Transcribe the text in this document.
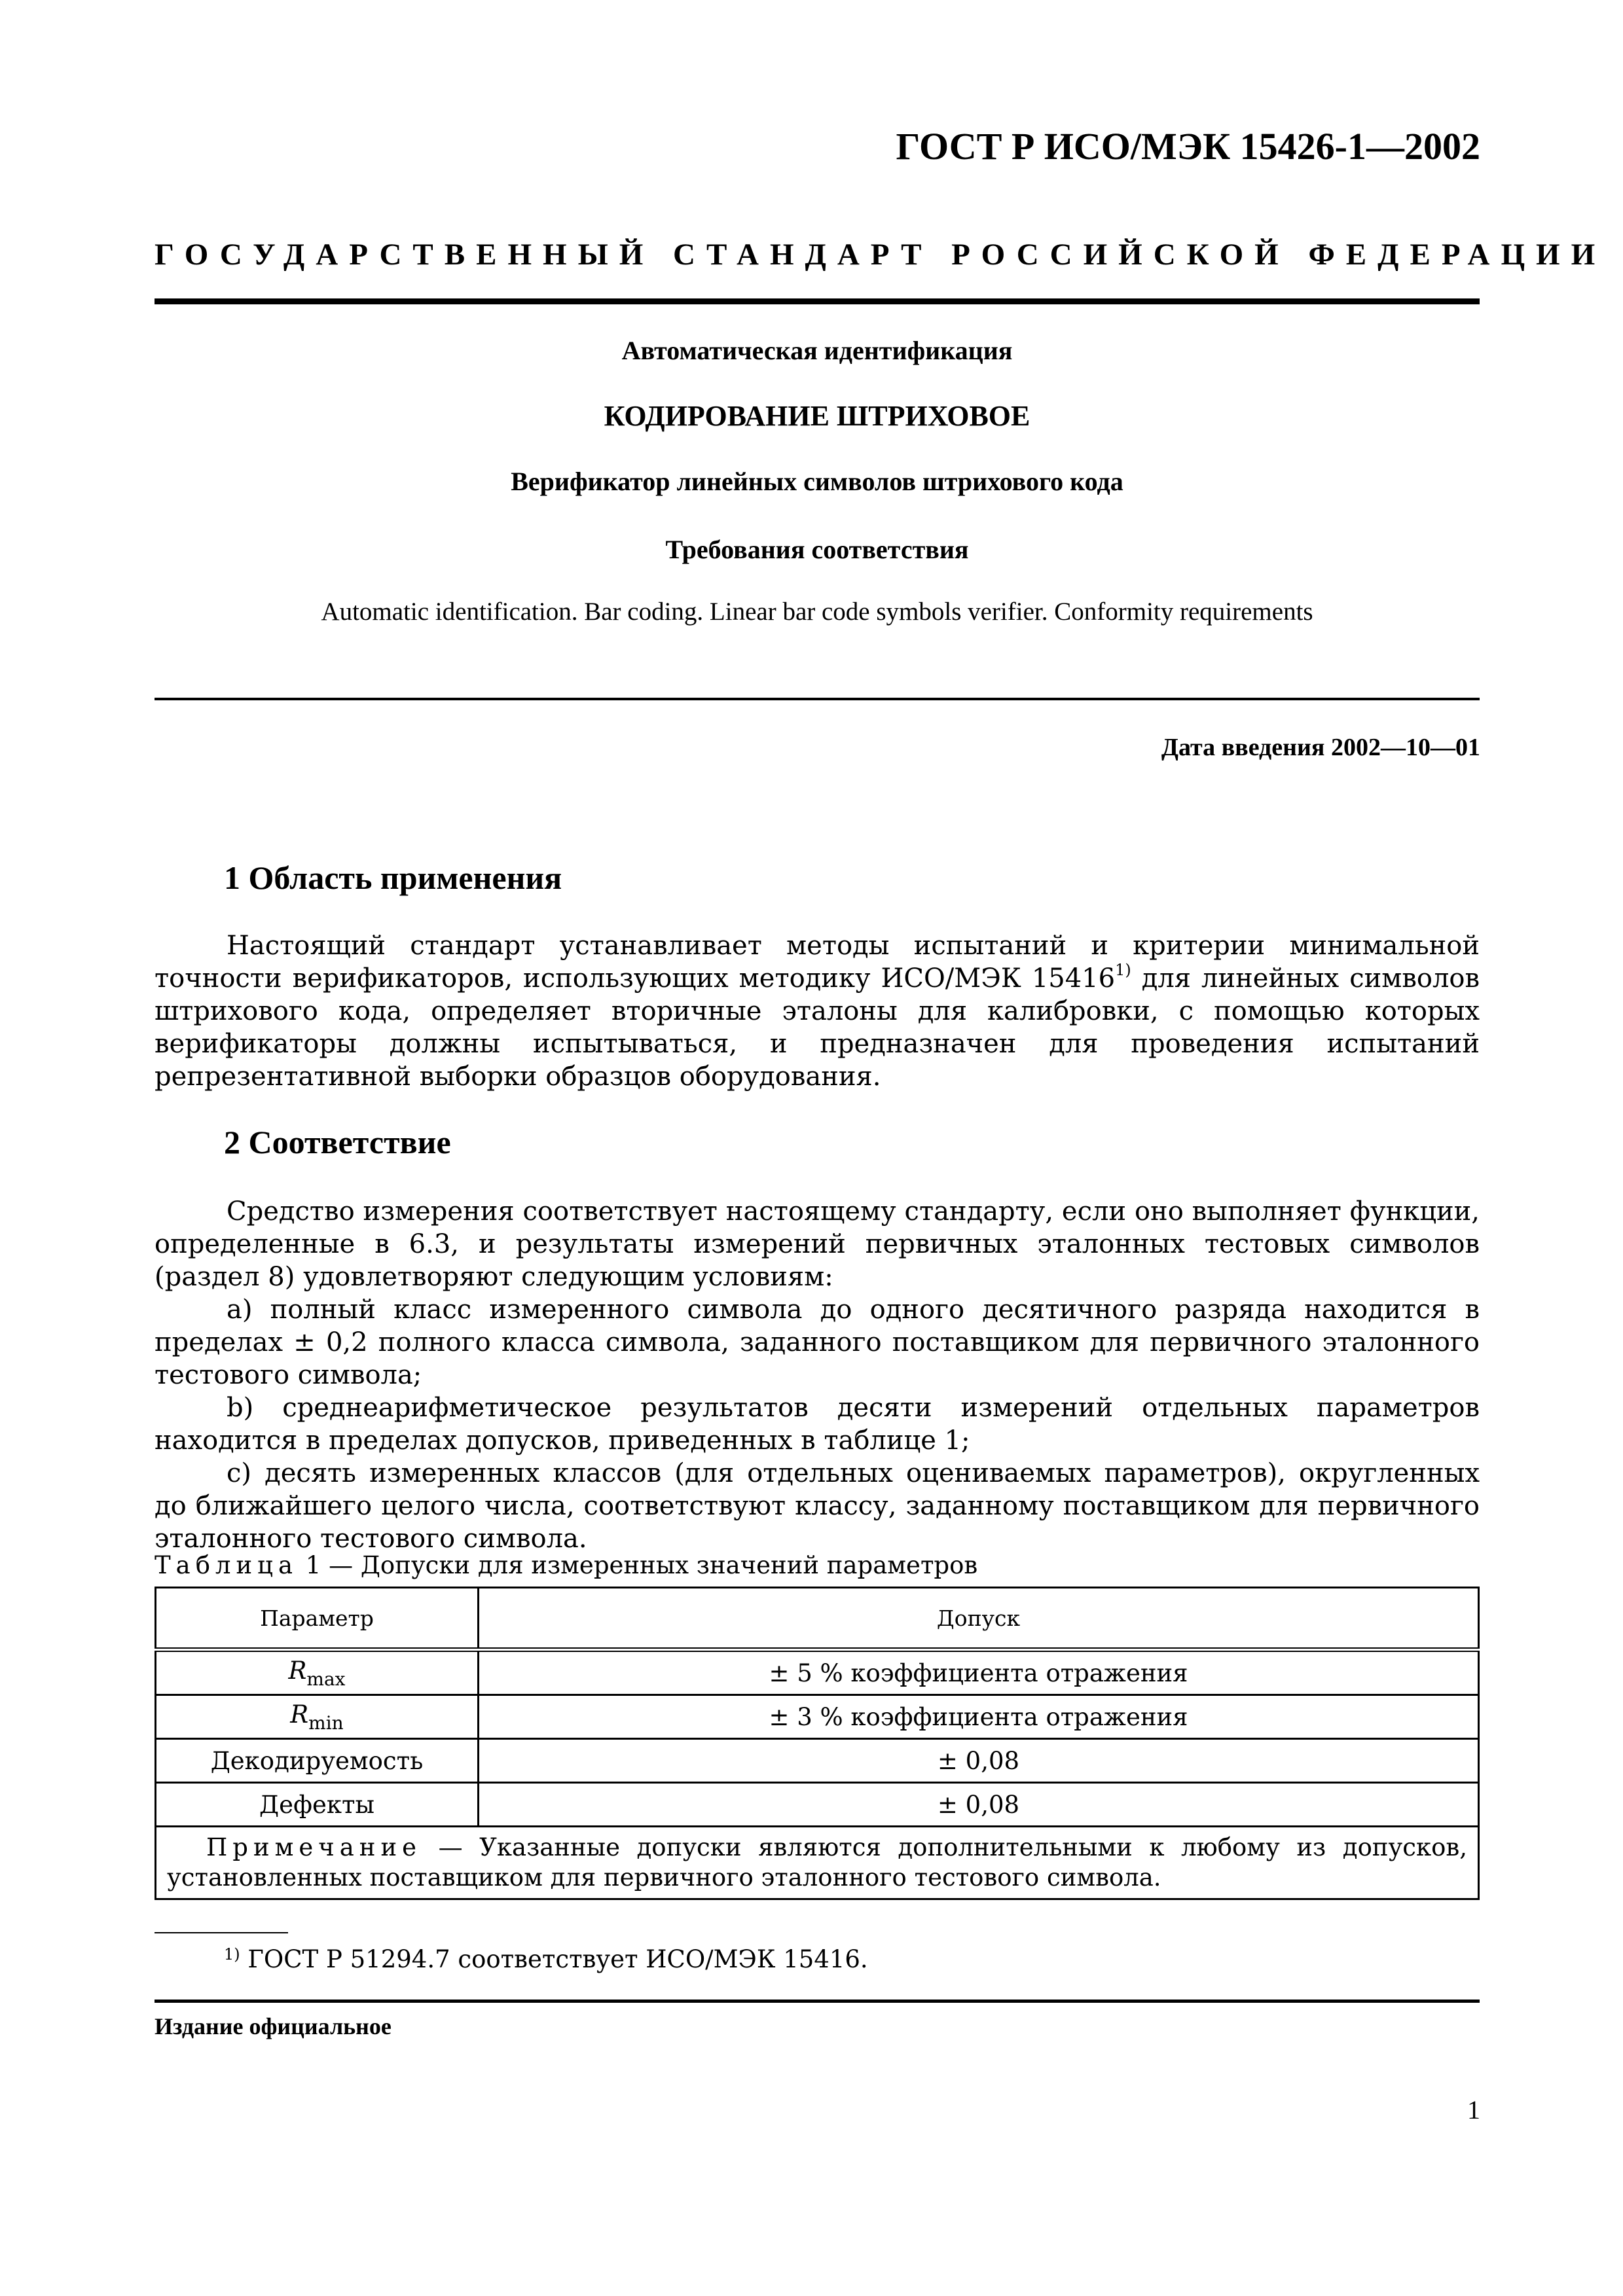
ГОСТ Р ИСО/МЭК 15426-1—2002
ГОСУДАРСТВЕННЫЙ СТАНДАРТ РОССИЙСКОЙ ФЕДЕРАЦИИ
Автоматическая идентификация
КОДИРОВАНИЕ ШТРИХОВОЕ
Верификатор линейных символов штрихового кода
Требования соответствия
Automatic identification. Bar coding. Linear bar code symbols verifier. Conformity requirements
Дата введения 2002—10—01
1 Область применения

Настоящий стандарт устанавливает методы испытаний и критерии минимальной точности верификаторов, использующих методику ИСО/МЭК 15416$^{1)}$ для линейных символов штрихового кода, определяет вторичные эталоны для калибровки, с помощью которых верификаторы должны испытываться, и предназначен для проведения испытаний репрезентативной выборки образцов оборудования.

2 Соответствие

Средство измерения соответствует настоящему стандарту, если оно выполняет функции, определенные в 6.3, и результаты измерений первичных эталонных тестовых символов (раздел 8) удовлетворяют следующим условиям:

а) полный класс измеренного символа до одного десятичного разряда находится в пределах ± 0,2 полного класса символа, заданного поставщиком для первичного эталонного тестового символа;

b) среднеарифметическое результатов десяти измерений отдельных параметров находится в пределах допусков, приведенных в таблице 1;

c) десять измеренных классов (для отдельных оцениваемых параметров), округленных до ближайшего целого числа, соответствуют классу, заданному поставщиком для первичного эталонного тестового символа.

Таблица 1 — Допуски для измеренных значений параметров
Параметр	Допуск
$R_{max}$	± 5 % коэффициента отражения
$R_{min}$	± 3 % коэффициента отражения
Декодируемость	± 0,08
Дефекты	± 0,08
Примечание — Указанные допуски являются дополнительными к любому из допусков, установленных поставщиком для первичного эталонного тестового символа.	
$^{1)}$ ГОСТ Р 51294.7 соответствует ИСО/МЭК 15416.
Издание официальное
1
